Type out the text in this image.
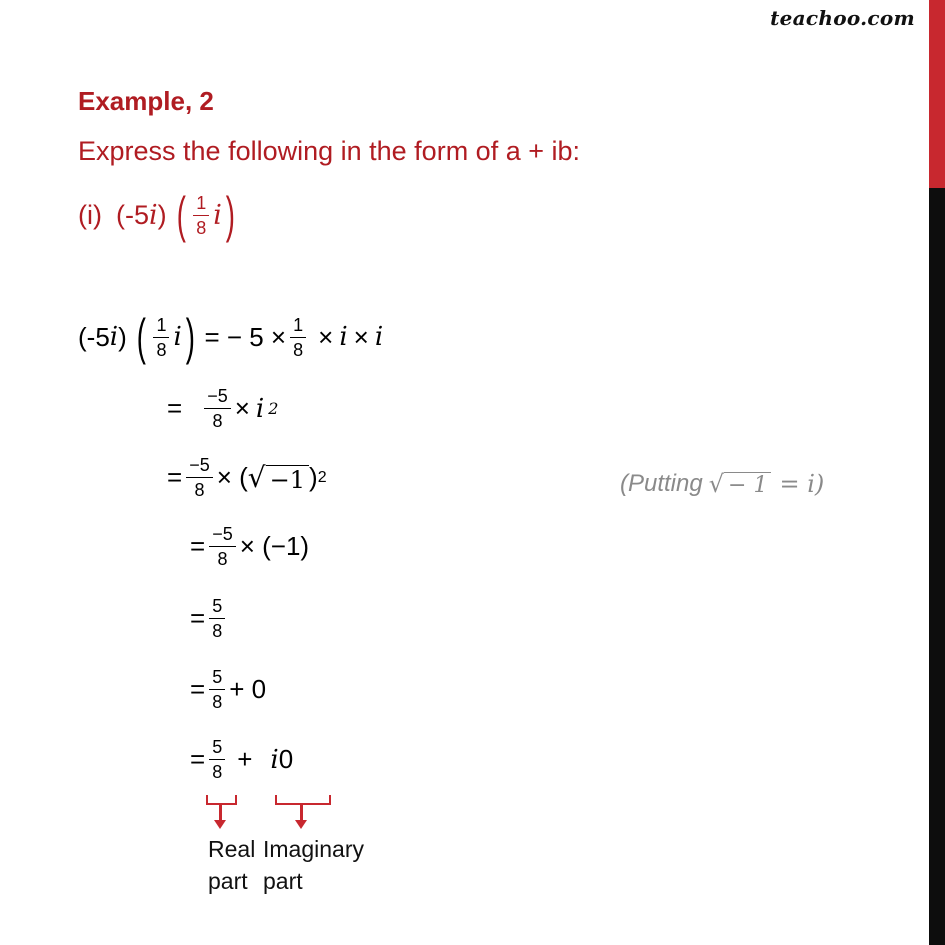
teachoo.com
Example, 2
Express the following in the form of a + ib:
(i) (-5 i ) ( $\frac{1}{8}$ i )
(-5 i ) ( $\frac{1}{8}$ i ) = − $5 \times \frac{1}{8} \times i \times i$
= $\frac{-5}{8} \times i$ 2
= $\frac{-5}{8}$ × ( √ −1 ) 2	(Putting √ − 1 = i)
= $\frac{-5}{8} \times (-1)$
= $\frac{5}{8}$
= $\frac{5}{8} + 0$
= $\frac{5}{8} + i$ 0
Real
part
Imaginary
part
